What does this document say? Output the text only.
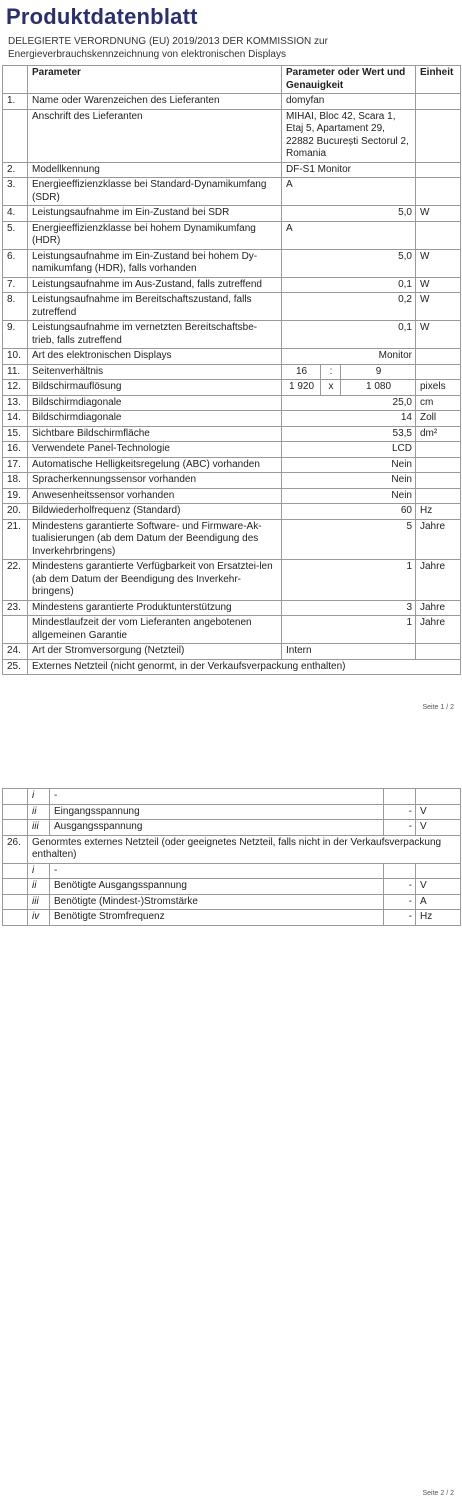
Produktdatenblatt
DELEGIERTE VERORDNUNG (EU) 2019/2013 DER KOMMISSION zur Energieverbrauchskennzeichnung von elektronischen Displays
	Parameter	Parameter oder Wert und Genauigkeit			Einheit
1.	Name oder Warenzeichen des Lieferanten	domyfan			
	Anschrift des Lieferanten	MIHAI, Bloc 42, Scara 1, Etaj 5, Apartament 29, 22882 București Sectorul 2, Romania			
2.	Modellkennung	DF-S1 Monitor			
3.	Energieeffizienzklasse bei Standard-Dynamikumfang (SDR)	A			
4.	Leistungsaufnahme im Ein-Zustand bei SDR	5,0			W
5.	Energieeffizienzklasse bei hohem Dynamikumfang (HDR)	A			
6.	Leistungsaufnahme im Ein-Zustand bei hohem Dy-namikumfang (HDR), falls vorhanden	5,0			W
7.	Leistungsaufnahme im Aus-Zustand, falls zutreffend	0,1			W
8.	Leistungsaufnahme im Bereitschaftszustand, falls zutreffend	0,2			W
9.	Leistungsaufnahme im vernetzten Bereitschaftsbe-trieb, falls zutreffend	0,1			W
10.	Art des elektronischen Displays	Monitor			
11.	Seitenverhältnis	16	:	9	
12.	Bildschirmauflösung	1 920	x	1 080	pixels
13.	Bildschirmdiagonale	25,0			cm
14.	Bildschirmdiagonale	14			Zoll
15.	Sichtbare Bildschirmfläche	53,5			dm²
16.	Verwendete Panel-Technologie	LCD			
17.	Automatische Helligkeitsregelung (ABC) vorhanden	Nein			
18.	Spracherkennungssensor vorhanden	Nein			
19.	Anwesenheitssensor vorhanden	Nein			
20.	Bildwiederholfrequenz (Standard)	60			Hz
21.	Mindestens garantierte Software- und Firmware-Ak-tualisierungen (ab dem Datum der Beendigung des Inverkehrbringens)	5			Jahre
22.	Mindestens garantierte Verfügbarkeit von Ersatztei-len (ab dem Datum der Beendigung des Inverkehr-bringens)	1			Jahre
23.	Mindestens garantierte Produktunterstützung	3			Jahre
	Mindestlaufzeit der vom Lieferanten angebotenen allgemeinen Garantie	1			Jahre
24.	Art der Stromversorgung (Netzteil)	Intern			
25.	Externes Netzteil (nicht genormt, in der Verkaufsverpackung enthalten)				
Seite 1 / 2
	i	-		
	ii	Eingangsspannung	-	V
	iii	Ausgangsspannung	-	V
26.	Genormtes externes Netzteil (oder geeignetes Netzteil, falls nicht in der Verkaufsverpackung enthalten)			
	i	-		
	ii	Benötigte Ausgangsspannung	-	V
	iii	Benötigte (Mindest-)Stromstärke	-	A
	iv	Benötigte Stromfrequenz	-	Hz
Seite 2 / 2
